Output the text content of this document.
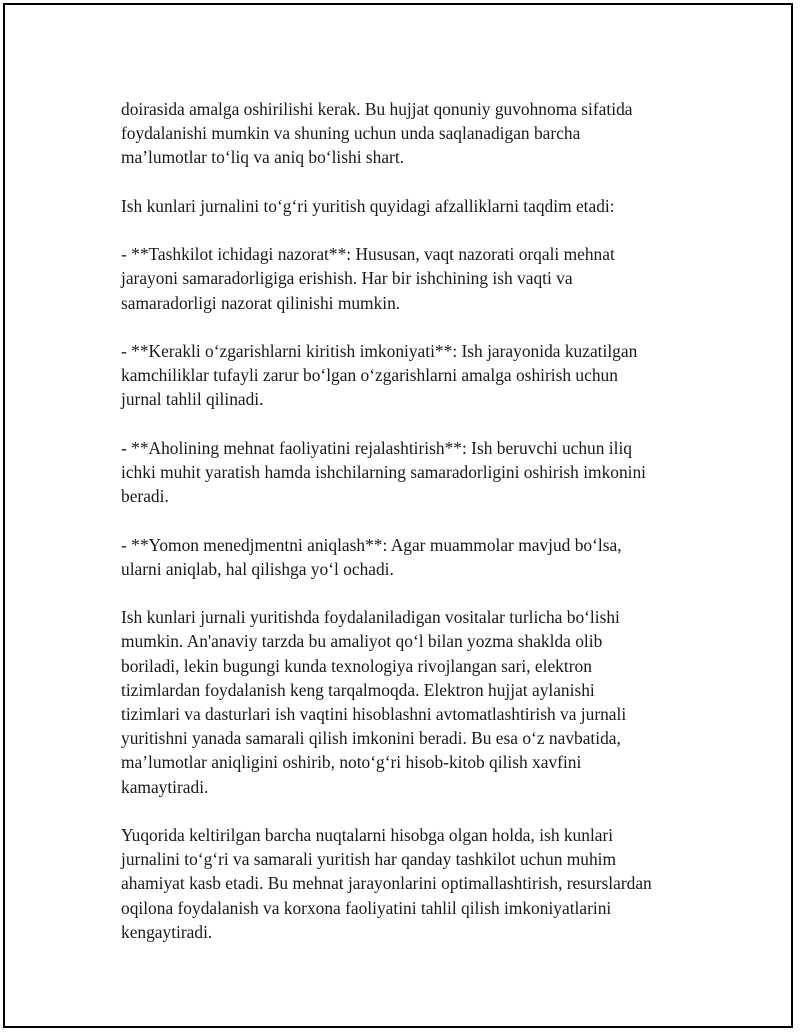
doirasida amalga oshirilishi kerak. Bu hujjat qonuniy guvohnoma sifatida
foydalanishi mumkin va shuning uchun unda saqlanadigan barcha
ma’lumotlar to‘liq va aniq bo‘lishi shart.

Ish kunlari jurnalini to‘g‘ri yuritish quyidagi afzalliklarni taqdim etadi:

- **Tashkilot ichidagi nazorat**: Hususan, vaqt nazorati orqali mehnat
jarayoni samaradorligiga erishish. Har bir ishchining ish vaqti va
samaradorligi nazorat qilinishi mumkin.

- **Kerakli o‘zgarishlarni kiritish imkoniyati**: Ish jarayonida kuzatilgan
kamchiliklar tufayli zarur bo‘lgan o‘zgarishlarni amalga oshirish uchun
jurnal tahlil qilinadi.

- **Aholining mehnat faoliyatini rejalashtirish**: Ish beruvchi uchun iliq
ichki muhit yaratish hamda ishchilarning samaradorligini oshirish imkonini
beradi.

- **Yomon menedjmentni aniqlash**: Agar muammolar mavjud bo‘lsa,
ularni aniqlab, hal qilishga yo‘l ochadi.

Ish kunlari jurnali yuritishda foydalaniladigan vositalar turlicha bo‘lishi
mumkin. An'anaviy tarzda bu amaliyot qo‘l bilan yozma shaklda olib
boriladi, lekin bugungi kunda texnologiya rivojlangan sari, elektron
tizimlardan foydalanish keng tarqalmoqda. Elektron hujjat aylanishi
tizimlari va dasturlari ish vaqtini hisoblashni avtomatlashtirish va jurnali
yuritishni yanada samarali qilish imkonini beradi. Bu esa o‘z navbatida,
ma’lumotlar aniqligini oshirib, noto‘g‘ri hisob-kitob qilish xavfini
kamaytiradi.

Yuqorida keltirilgan barcha nuqtalarni hisobga olgan holda, ish kunlari
jurnalini to‘g‘ri va samarali yuritish har qanday tashkilot uchun muhim
ahamiyat kasb etadi. Bu mehnat jarayonlarini optimallashtirish, resurslardan
oqilona foydalanish va korxona faoliyatini tahlil qilish imkoniyatlarini
kengaytiradi.
